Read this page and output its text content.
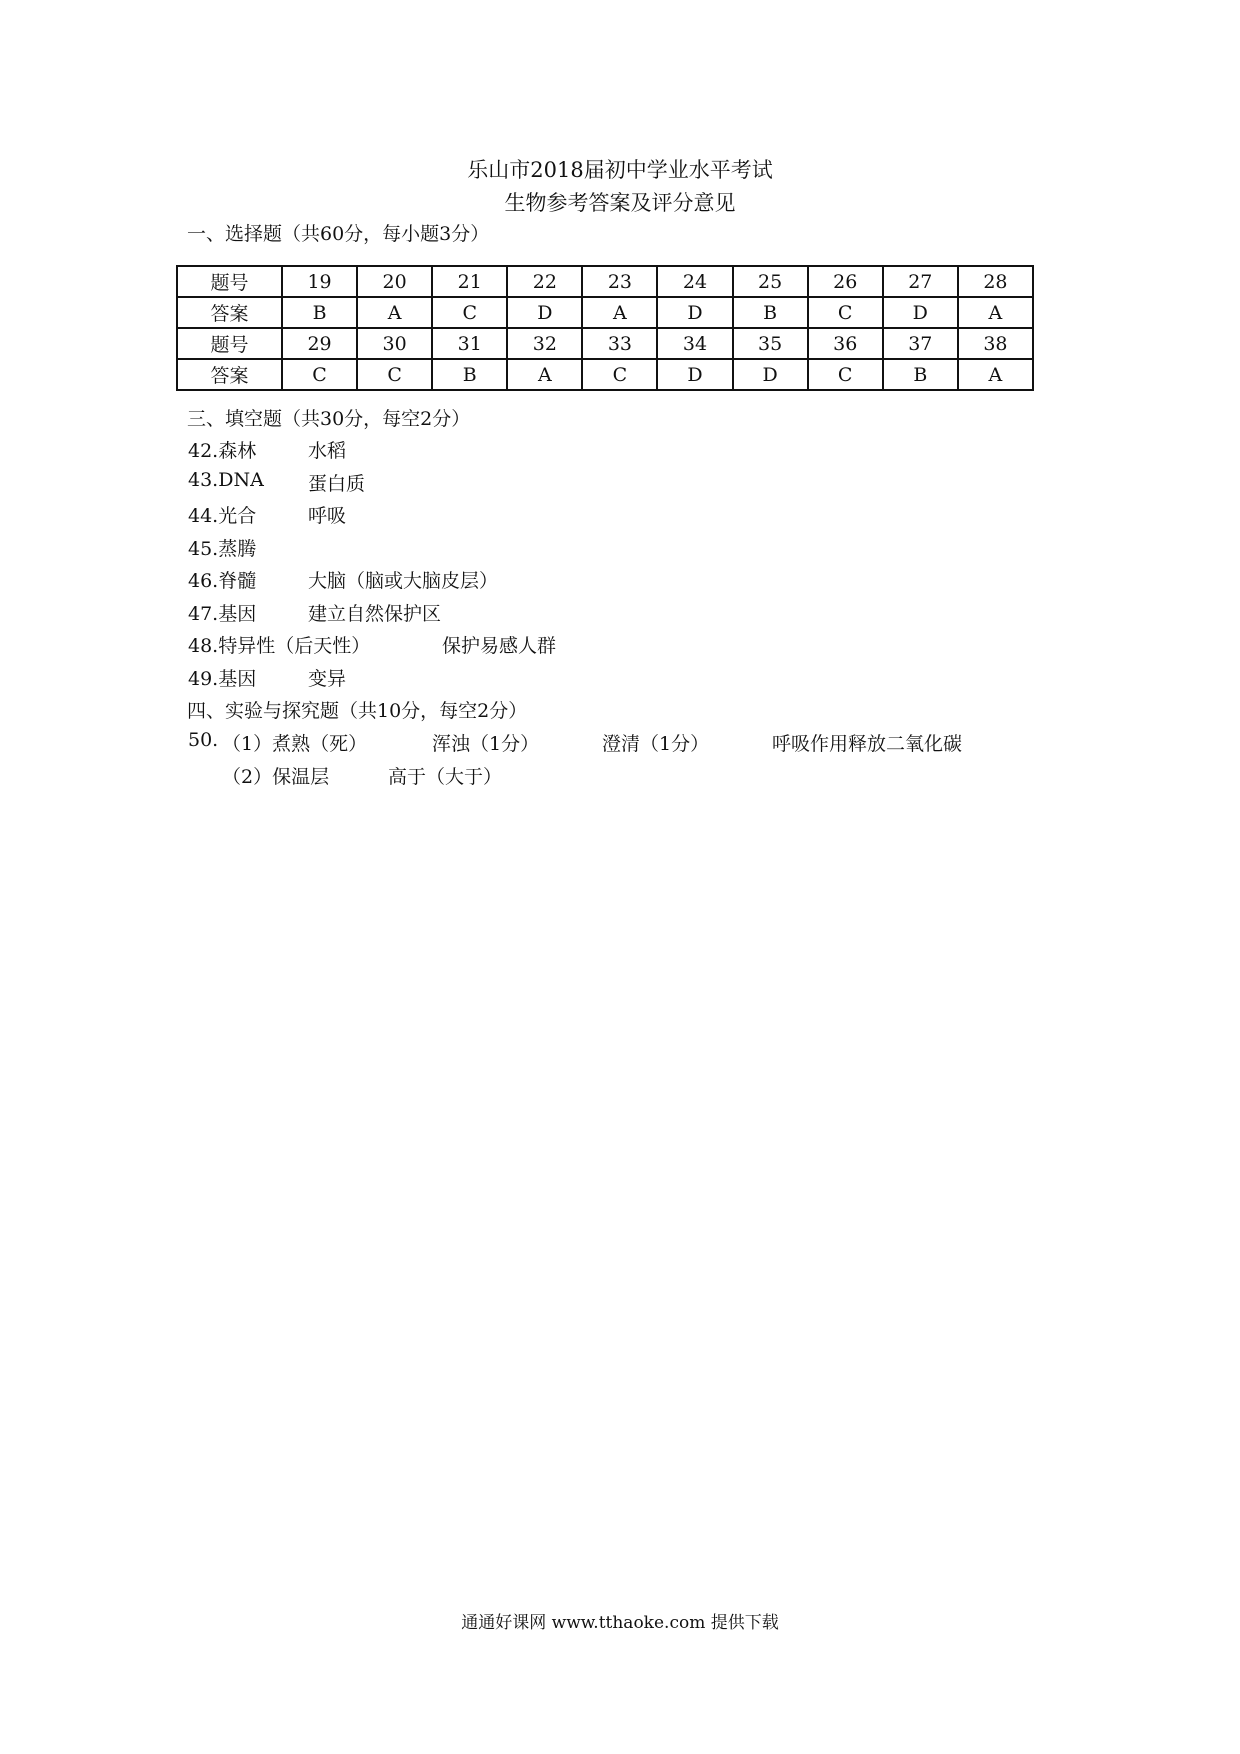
乐山市2018届初中学业水平考试
生物参考答案及评分意见
一、选择题（共60分，每小题3分）
题号	19	20	21	22	23	24	25	26	27	28
答案	B	A	C	D	A	D	B	C	D	A
题号	29	30	31	32	33	34	35	36	37	38
答案	C	C	B	A	C	D	D	C	B	A
三、填空题（共30分，每空2分）
42.森林	水稻
43.DNA 蛋白质
44.光合	呼吸
45.蒸腾
46.脊髓	大脑（脑或大脑皮层）
47.基因	建立自然保护区
48.特异性（后天性）	保护易感人群
49.基因	变异
四、实验与探究题（共10分，每空2分）
50. （1）煮熟（死）	浑浊（1分）	澄清（1分）	呼吸作用释放二氧化碳
（2）保温层	高于（大于）
通通好课网 www.tthaoke.com 提供下载
